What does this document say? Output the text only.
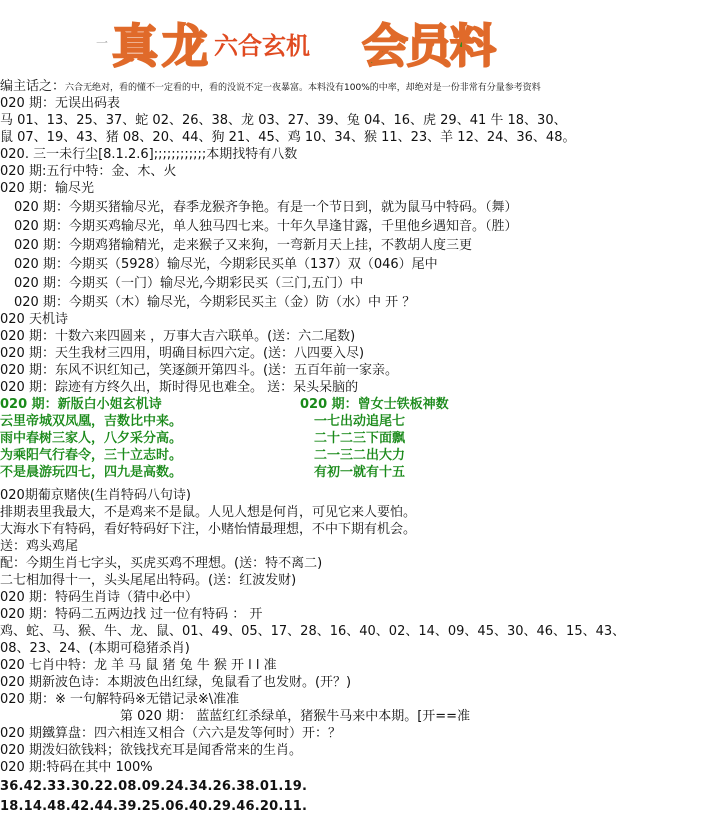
一 真 龙 六合玄机 会员料
编主话之：六合无绝对，看的懂不一定看的中，看的没说不定一夜暴富。本料没有100%的中率，却绝对是一份非常有分量参考资料
020 期：无误出码表
马 01、13、25、37、蛇 02、26、38、龙 03、27、39、兔 04、16、虎 29、41 牛 18、30、
鼠 07、19、43、猪 08、20、44、狗 21、45、鸡 10、34、猴 11、23、羊 12、24、36、48。
020. 三一未行尘[8.1.2.6];;;;;;;;;;;;本期找特有八数
020 期:五行中特：金、木、火
020 期：输尽光
020 期：今期买猪输尽光，春季龙猴齐争艳。有是一个节日到，就为鼠马中特码。（舞）
020 期：今期买鸡输尽光，单人独马四七来。十年久旱逢甘露，千里他乡遇知音。（胜）
020 期：今期鸡猪输精光，走来猴子又来狗，一弯新月天上挂，不教胡人度三更
020 期：今期买（5928）输尽光，今期彩民买单（137）双（046）尾中
020 期：今期买（一门）输尽光,今期彩民买（三门,五门）中
020 期：今期买（木）输尽光，今期彩民买主（金）防（水）中 开 ？
020 天机诗
020 期：十数六来四圆来 ，万事大吉六联单。(送：六二尾数)
020 期：天生我材三四用，明确目标四六定。(送：八四要入尽)
020 期：东风不识红知己，笑逐颜开第四斗。(送：五百年前一家亲。
020 期：踪迹有方终久出，斯时得见也难全。 送：呆头呆脑的
020 期：新版白小姐玄机诗
云里帝城双凤凰，吉数比中来。
雨中春树三家人，八夕采分高。
为乘阳气行春令，三十立志时。
不是晨游玩四七，四九是高数。
020 期：曾女士铁板神数
一七出动追尾七
二十二三下面飘
二一三二出大力
有初一就有十五
020期葡京赌侠(生肖特码八句诗)
排期表里我最大，不是鸡来不是鼠。人见人想是何肖，可见它来人要怕。
大海水下有特码，看好特码好下注，小赌怡情最理想，不中下期有机会。
送：鸡头鸡尾
配：今期生肖七字头，买虎买鸡不理想。(送：特不离二)
二七相加得十一，头头尾尾出特码。(送：红波发财)
020 期：特码生肖诗（猜中必中）
020 期：特码二五两边找 过一位有特码 ： 开
鸡、蛇、马、猴、牛、龙、鼠、01、49、05、17、28、16、40、02、14、09、45、30、46、15、43、
08、23、24、(本期可稳猪杀肖)
020 七肖中特：龙 羊 马 鼠 猪 兔 牛 猴 开 l l 准
020 期新波色诗：本期波色出红绿，兔鼠看了也发财。(开？)
020 期：※ 一句解特码※无错记录※\准准
第 020 期： 蓝蓝红红杀绿单，猪猴牛马来中本期。[开==准
020 期鐵算盘：四六相连又相合（六六是发等何时）开：？
020 期泼妇欲钱料；欲钱找充耳是闻香常来的生肖。
020 期:特码在其中 100%
36.42.33.30.22.08.09.24.34.26.38.01.19.
18.14.48.42.44.39.25.06.40.29.46.20.11.
